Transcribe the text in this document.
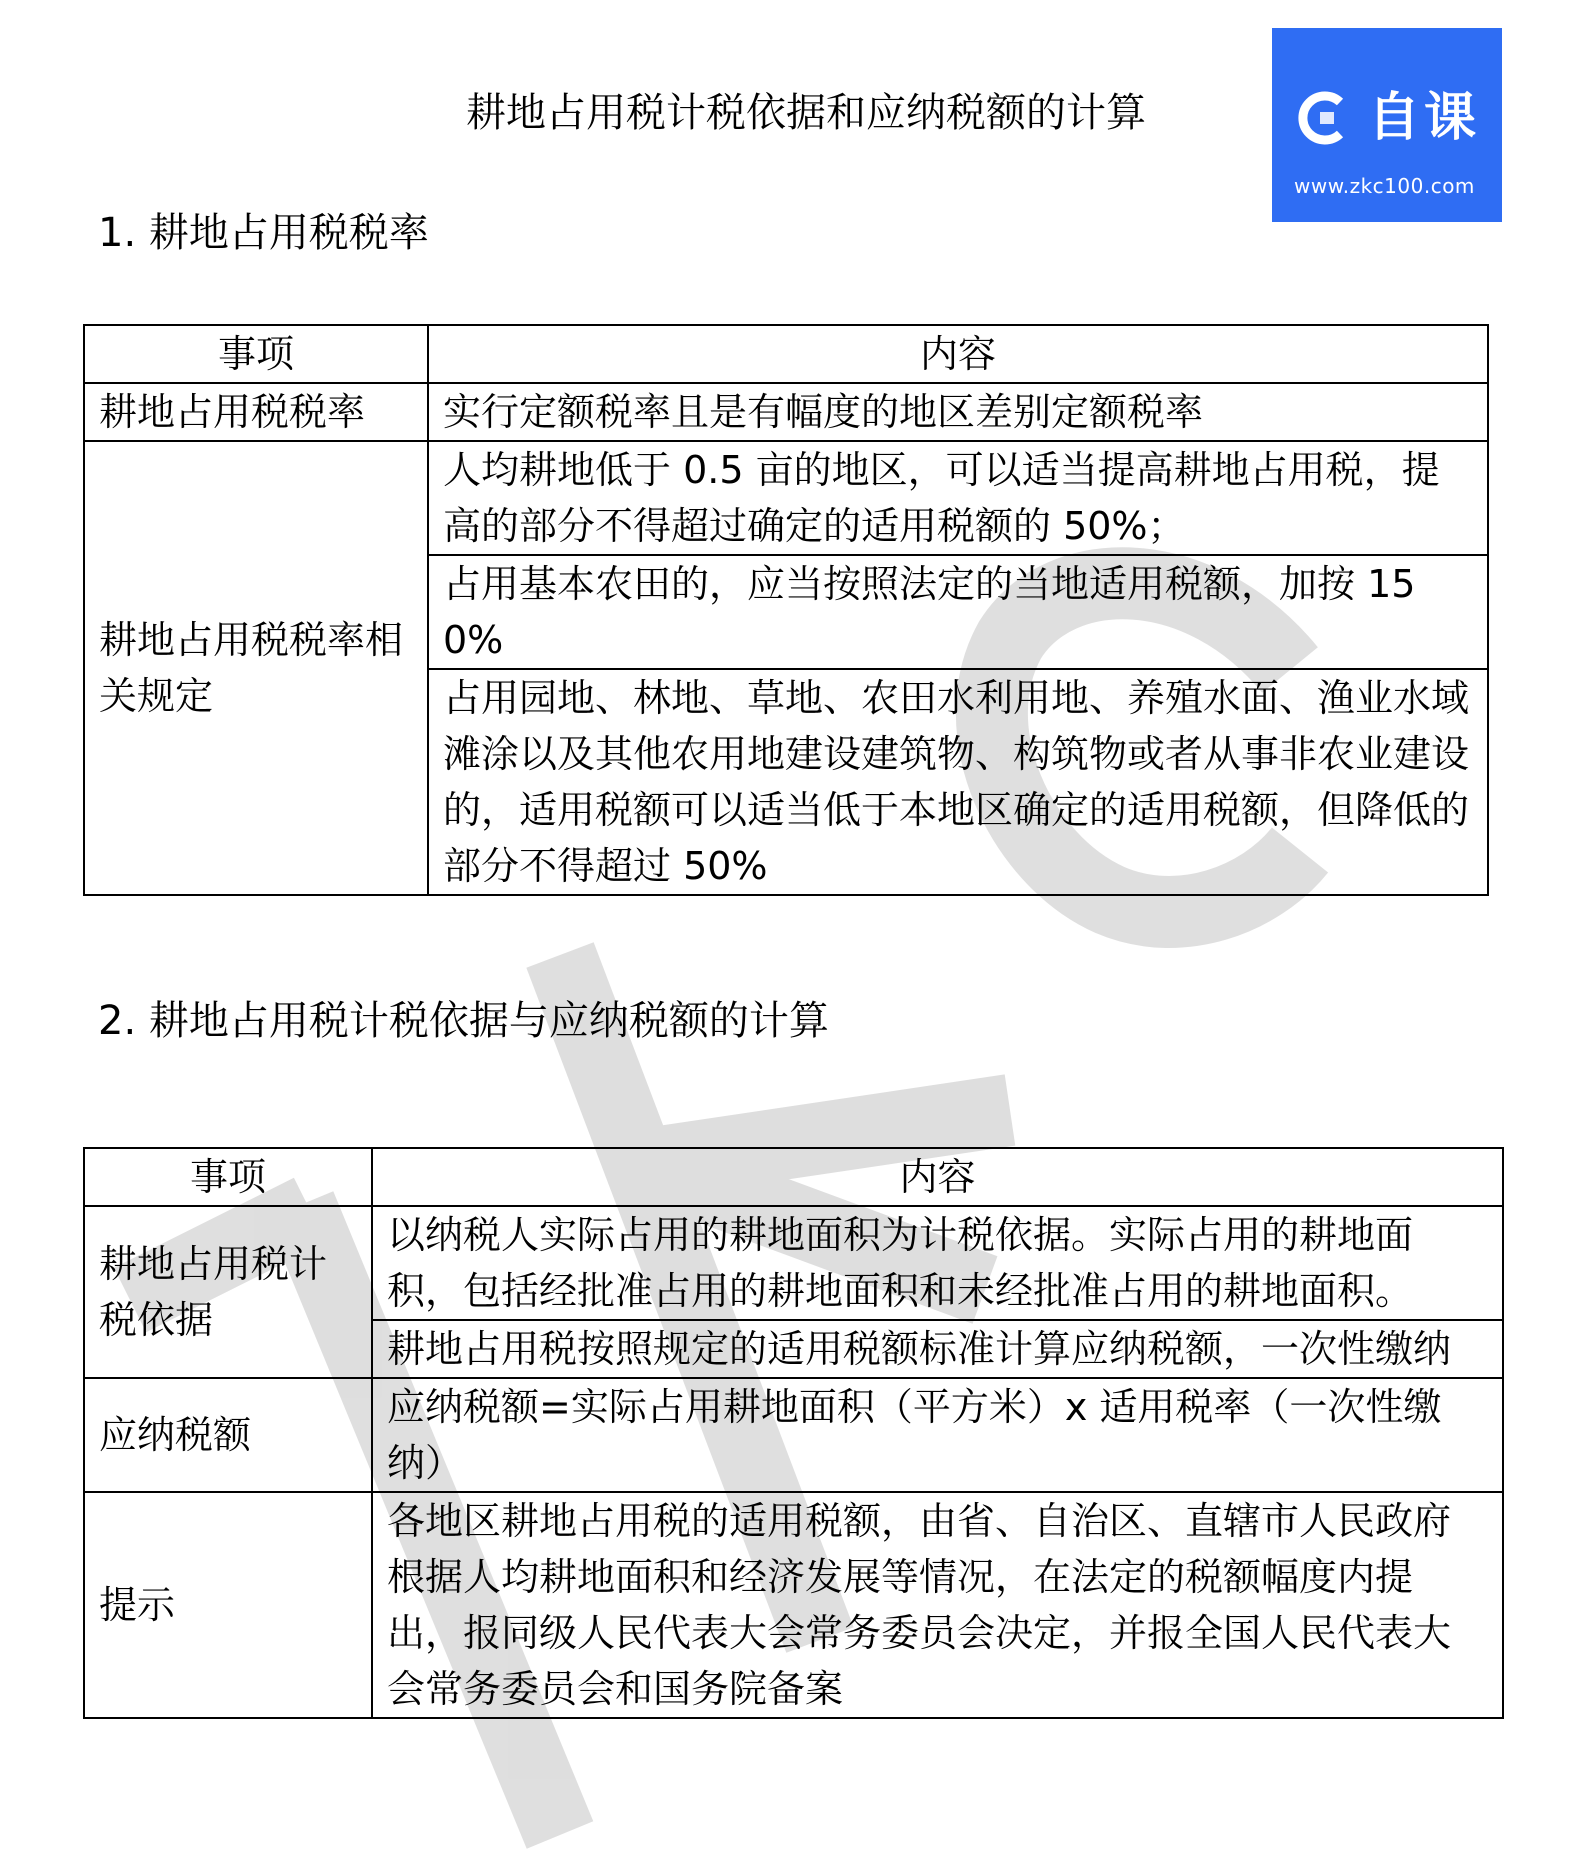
自课
www.zkc100.com
耕地占用税计税依据和应纳税额的计算
1. 耕地占用税税率
事项	内容
耕地占用税税率	实行定额税率且是有幅度的地区差别定额税率
耕地占用税税率相关规定	人均耕地低于 0.5 亩的地区，可以适当提高耕地占用税，提高的部分不得超过确定的适用税额的 50%；
	占用基本农田的，应当按照法定的当地适用税额，加按 150%
	占用园地、林地、草地、农田水利用地、养殖水面、渔业水域滩涂以及其他农用地建设建筑物、构筑物或者从事非农业建设的，适用税额可以适当低于本地区确定的适用税额，但降低的部分不得超过 50%
2. 耕地占用税计税依据与应纳税额的计算
事项	内容
耕地占用税计税依据	以纳税人实际占用的耕地面积为计税依据。实际占用的耕地面积，包括经批准占用的耕地面积和未经批准占用的耕地面积。
	耕地占用税按照规定的适用税额标准计算应纳税额，一次性缴纳
应纳税额	应纳税额=实际占用耕地面积（平方米）x 适用税率（一次性缴纳）
提示	各地区耕地占用税的适用税额，由省、自治区、直辖市人民政府根据人均耕地面积和经济发展等情况，在法定的税额幅度内提出，报同级人民代表大会常务委员会决定，并报全国人民代表大会常务委员会和国务院备案
